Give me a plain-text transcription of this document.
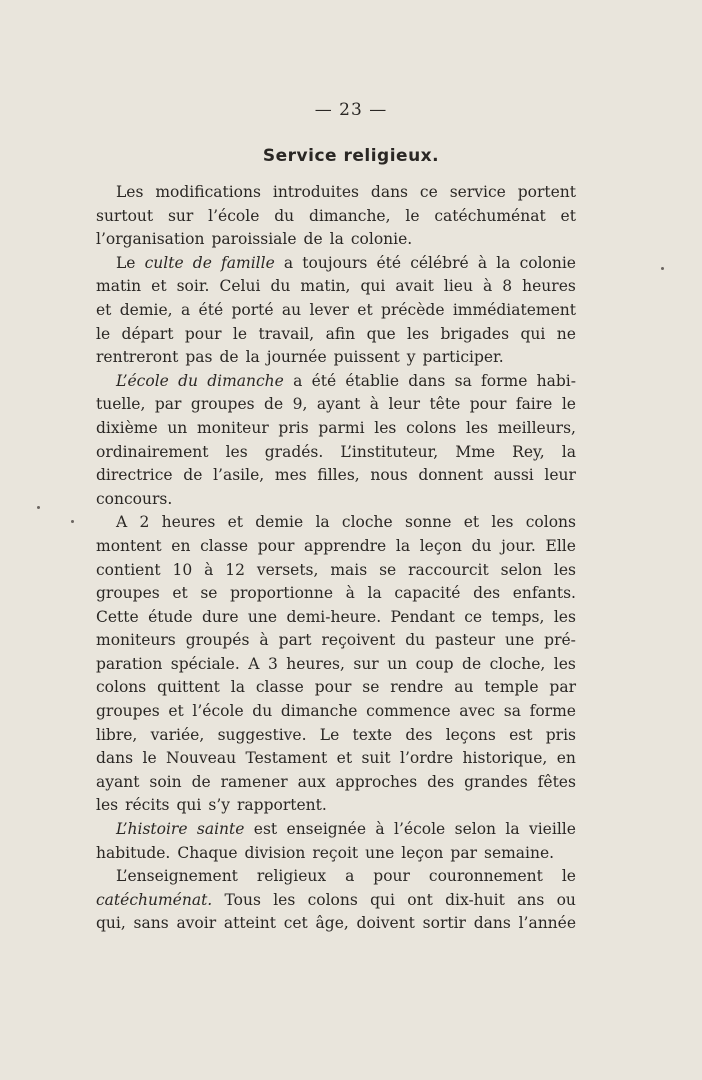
— 23 —
Service religieux.
Les modifications introduites dans ce service portent
surtout sur l’école du dimanche, le catéchuménat et
l’organisation paroissiale de la colonie.
Le culte de famille a toujours été célébré à la colonie
matin et soir. Celui du matin, qui avait lieu à 8 heures
et demie, a été porté au lever et précède immédiatement
le départ pour le travail, afin que les brigades qui ne
rentreront pas de la journée puissent y participer.
L’école du dimanche a été établie dans sa forme habi-
tuelle, par groupes de 9, ayant à leur tête pour faire le
dixième un moniteur pris parmi les colons les meilleurs,
ordinairement les gradés. L’instituteur, Mme Rey, la
directrice de l’asile, mes filles, nous donnent aussi leur
concours.
A 2 heures et demie la cloche sonne et les colons
montent en classe pour apprendre la leçon du jour. Elle
contient 10 à 12 versets, mais se raccourcit selon les
groupes et se proportionne à la capacité des enfants.
Cette étude dure une demi-heure. Pendant ce temps, les
moniteurs groupés à part reçoivent du pasteur une pré-
paration spéciale. A 3 heures, sur un coup de cloche, les
colons quittent la classe pour se rendre au temple par
groupes et l’école du dimanche commence avec sa forme
libre, variée, suggestive. Le texte des leçons est pris
dans le Nouveau Testament et suit l’ordre historique, en
ayant soin de ramener aux approches des grandes fêtes
les récits qui s’y rapportent.
L’histoire sainte est enseignée à l’école selon la vieille
habitude. Chaque division reçoit une leçon par semaine.
L’enseignement religieux a pour couronnement le
catéchuménat. Tous les colons qui ont dix-huit ans ou
qui, sans avoir atteint cet âge, doivent sortir dans l’année
